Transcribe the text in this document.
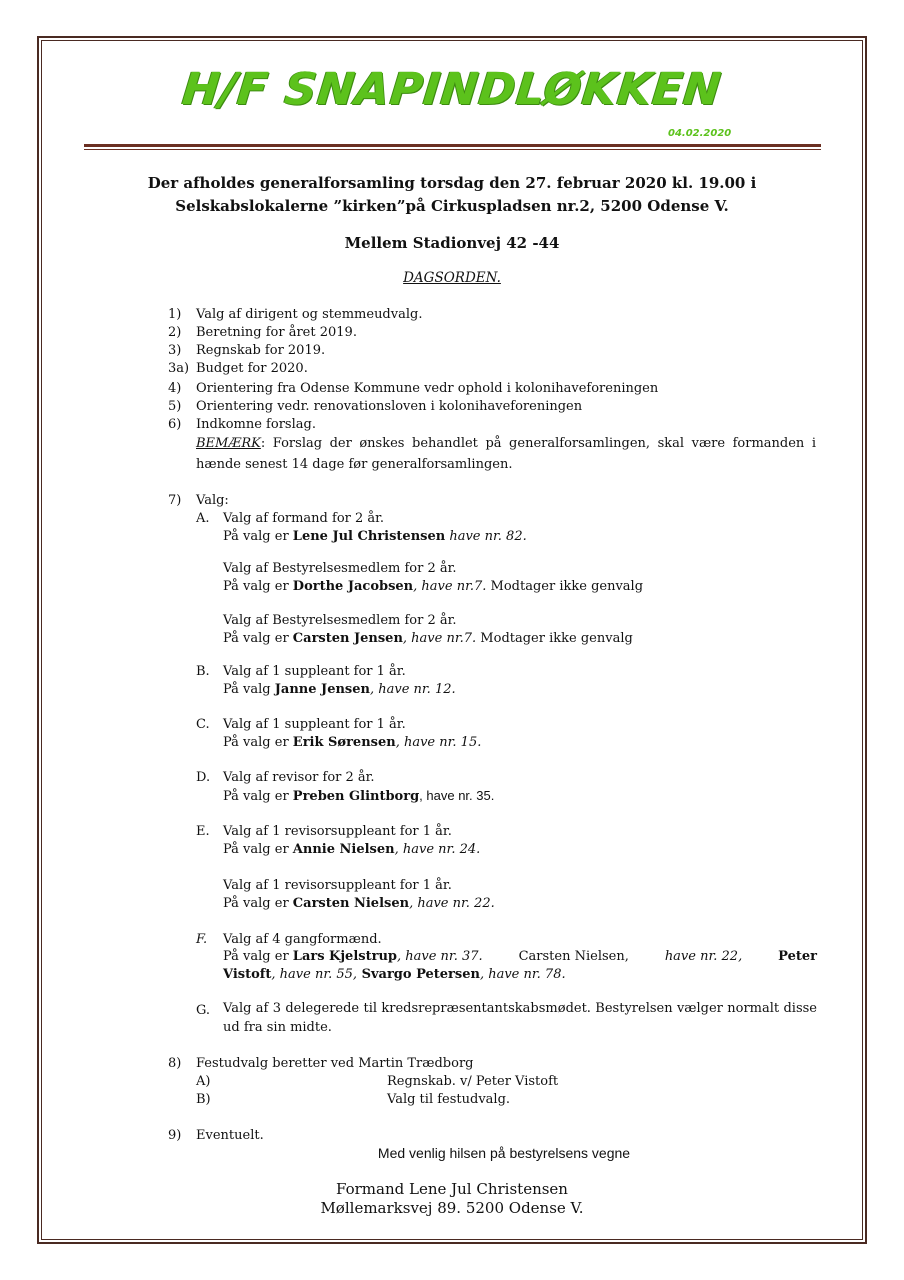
H/F SNAPINDLØKKEN
04.02.2020
Der afholdes generalforsamling torsdag den 27. februar 2020 kl. 19.00 i
Selskabslokalerne ”kirken”på Cirkuspladsen nr.2, 5200 Odense V.
Mellem Stadionvej 42 -44
DAGSORDEN.
1) Valg af dirigent og stemmeudvalg.
2) Beretning for året 2019.
3) Regnskab for 2019.
3a) Budget for 2020.
4) Orientering fra Odense Kommune vedr ophold i kolonihaveforeningen
5) Orientering vedr. renovationsloven i kolonihaveforeningen
6) Indkomne forslag.
BEMÆRK: Forslag der ønskes behandlet på generalforsamlingen, skal være formanden i hænde senest 14 dage før generalforsamlingen.
7) Valg:
A. Valg af formand for 2 år.
På valg er Lene Jul Christensen have nr. 82.
Valg af Bestyrelsesmedlem for 2 år.
På valg er Dorthe Jacobsen, have nr.7. Modtager ikke genvalg
Valg af Bestyrelsesmedlem for 2 år.
På valg er Carsten Jensen, have nr.7. Modtager ikke genvalg
B. Valg af 1 suppleant for 1 år.
På valg Janne Jensen, have nr. 12.
C. Valg af 1 suppleant for 1 år.
På valg er Erik Sørensen, have nr. 15.
D. Valg af revisor for 2 år.
På valg er Preben Glintborg, have nr. 35.
E. Valg af 1 revisorsuppleant for 1 år.
På valg er Annie Nielsen, have nr. 24.
Valg af 1 revisorsuppleant for 1 år.
På valg er Carsten Nielsen, have nr. 22.
F. Valg af 4 gangformænd.
På valg er Lars Kjelstrup, have nr. 37.	Carsten Nielsen,	have nr. 22,	Peter
Vistoft, have nr. 55, Svargo Petersen, have nr. 78.
G. Valg af 3 delegerede til kredsrepræsentantskabsmødet. Bestyrelsen vælger normalt disse ud fra sin midte.
8) Festudvalg beretter ved Martin Trædborg
A)	Regnskab. v/ Peter Vistoft
B)	Valg til festudvalg.
9) Eventuelt.
Med venlig hilsen på bestyrelsens vegne
Formand Lene Jul Christensen
Møllemarksvej 89. 5200 Odense V.
